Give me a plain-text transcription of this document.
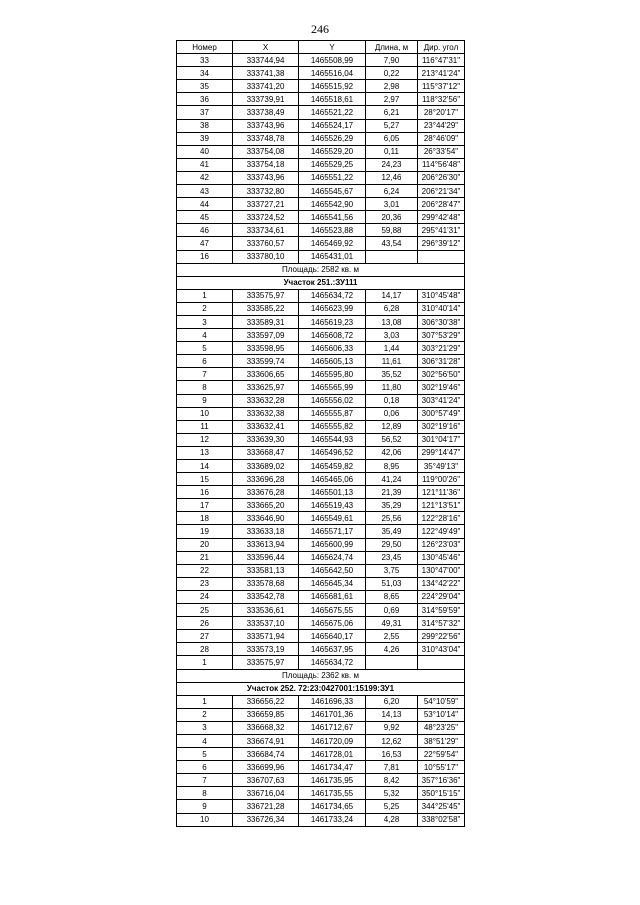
246
Номер	X	Y	Длина, м	Дир. угол
33	333744,94	1465508,99	7,90	116°47'31"
34	333741,38	1465516,04	0,22	213°41'24"
35	333741,20	1465515,92	2,98	115°37'12"
36	333739,91	1465518,61	2,97	118°32'56"
37	333738,49	1465521,22	6,21	28°20'17"
38	333743,96	1465524,17	5,27	23°44'29"
39	333748,78	1465526,29	6,05	28°46'09"
40	333754,08	1465529,20	0,11	26°33'54"
41	333754,18	1465529,25	24,23	114°56'48"
42	333743,96	1465551,22	12,46	206°26'30"
43	333732,80	1465545,67	6,24	206°21'34"
44	333727,21	1465542,90	3,01	206°28'47"
45	333724,52	1465541,56	20,36	299°42'48"
46	333734,61	1465523,88	59,88	295°41'31"
47	333760,57	1465469,92	43,54	296°39'12"
16	333780,10	1465431,01		
Площадь: 2582 кв. м				
Участок 251.:ЗУ111				
1	333575,97	1465634,72	14,17	310°45'48"
2	333585,22	1465623,99	6,28	310°40'14"
3	333589,31	1465619,23	13,08	306°30'38"
4	333597,09	1465608,72	3,03	307°53'29"
5	333598,95	1465606,33	1,44	303°21'29"
6	333599,74	1465605,13	11,61	306°31'28"
7	333606,65	1465595,80	35,52	302°56'50"
8	333625,97	1465565,99	11,80	302°19'46"
9	333632,28	1465556,02	0,18	303°41'24"
10	333632,38	1465555,87	0,06	300°57'49"
11	333632,41	1465555,82	12,89	302°19'16"
12	333639,30	1465544,93	56,52	301°04'17"
13	333668,47	1465496,52	42,06	299°14'47"
14	333689,02	1465459,82	8,95	35°49'13"
15	333696,28	1465465,06	41,24	119°00'26"
16	333676,28	1465501,13	21,39	121°11'36"
17	333665,20	1465519,43	35,29	121°13'51"
18	333646,90	1465549,61	25,56	122°28'16"
19	333633,18	1465571,17	35,49	122°49'49"
20	333613,94	1465600,99	29,50	126°23'03"
21	333596,44	1465624,74	23,45	130°45'46"
22	333581,13	1465642,50	3,75	130°47'00"
23	333578,68	1465645,34	51,03	134°42'22"
24	333542,78	1465681,61	8,65	224°29'04"
25	333536,61	1465675,55	0,69	314°59'59"
26	333537,10	1465675,06	49,31	314°57'32"
27	333571,94	1465640,17	2,55	299°22'56"
28	333573,19	1465637,95	4,26	310°43'04"
1	333575,97	1465634,72		
Площадь: 2362 кв. м				
Участок 252. 72:23:0427001:15199:ЗУ1				
1	336656,22	1461696,33	6,20	54°10'59"
2	336659,85	1461701,36	14,13	53°10'14"
3	336668,32	1461712,67	9,92	48°23'25"
4	336674,91	1461720,09	12,62	38°51'29"
5	336684,74	1461728,01	16,53	22°59'54"
6	336699,96	1461734,47	7,81	10°55'17"
7	336707,63	1461735,95	8,42	357°16'36"
8	336716,04	1461735,55	5,32	350°15'15"
9	336721,28	1461734,65	5,25	344°25'45"
10	336726,34	1461733,24	4,28	338°02'58"
